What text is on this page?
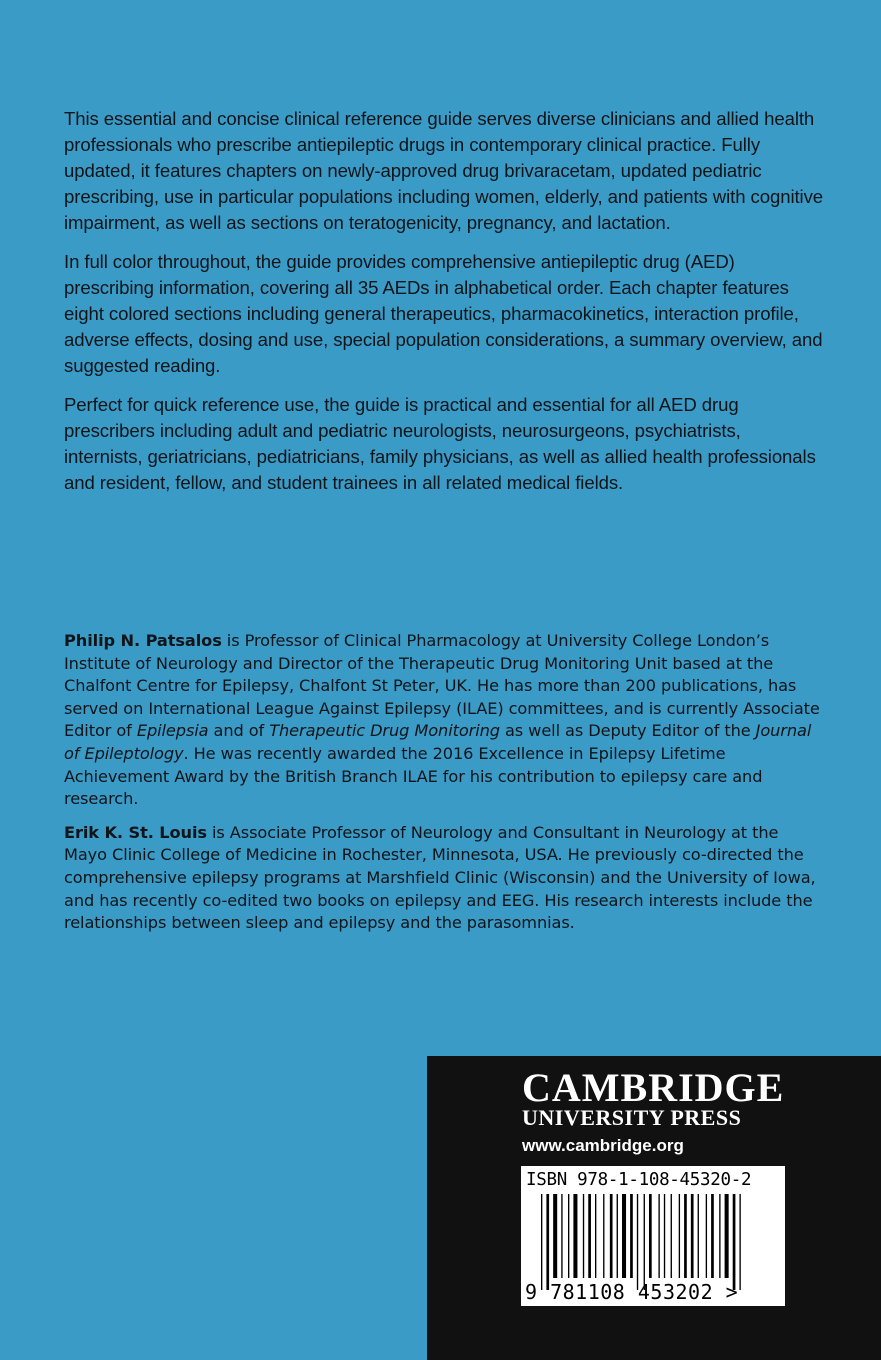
This essential and concise clinical reference guide serves diverse clinicians and allied health professionals who prescribe antiepileptic drugs in contemporary clinical practice. Fully updated, it features chapters on newly-approved drug brivaracetam, updated pediatric prescribing, use in particular populations including women, elderly, and patients with cognitive impairment, as well as sections on teratogenicity, pregnancy, and lactation.

In full color throughout, the guide provides comprehensive antiepileptic drug (AED) prescribing information, covering all 35 AEDs in alphabetical order. Each chapter features eight colored sections including general therapeutics, pharmacokinetics, interaction profile, adverse effects, dosing and use, special population considerations, a summary overview, and suggested reading.

Perfect for quick reference use, the guide is practical and essential for all AED drug prescribers including adult and pediatric neurologists, neurosurgeons, psychiatrists, internists, geriatricians, pediatricians, family physicians, as well as allied health professionals and resident, fellow, and student trainees in all related medical fields.

Philip N. Patsalos is Professor of Clinical Pharmacology at University College London’s Institute of Neurology and Director of the Therapeutic Drug Monitoring Unit based at the Chalfont Centre for Epilepsy, Chalfont St Peter, UK. He has more than 200 publications, has served on International League Against Epilepsy (ILAE) committees, and is currently Associate Editor of Epilepsia and of Therapeutic Drug Monitoring as well as Deputy Editor of the Journal of Epileptology. He was recently awarded the 2016 Excellence in Epilepsy Lifetime Achievement Award by the British Branch ILAE for his contribution to epilepsy care and research.

Erik K. St. Louis is Associate Professor of Neurology and Consultant in Neurology at the Mayo Clinic College of Medicine in Rochester, Minnesota, USA. He previously co-directed the comprehensive epilepsy programs at Marshfield Clinic (Wisconsin) and the University of Iowa, and has recently co-edited two books on epilepsy and EEG. His research interests include the relationships between sleep and epilepsy and the parasomnias.

CAMBRIDGE
UNIVERSITY PRESS
www.cambridge.org
ISBN 978-1-108-45320-2
9 781108 453202 >
